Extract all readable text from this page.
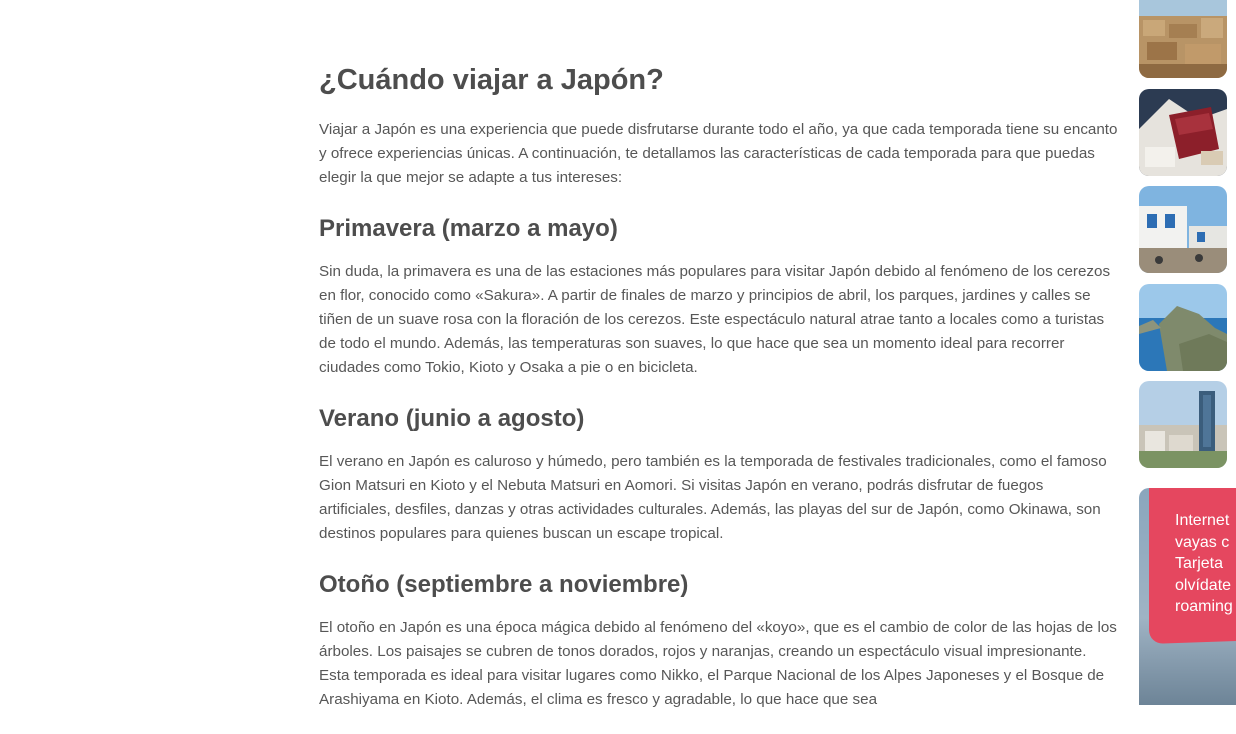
¿Cuándo viajar a Japón?

Viajar a Japón es una experiencia que puede disfrutarse durante todo el año, ya que cada temporada tiene su encanto y ofrece experiencias únicas. A continuación, te detallamos las características de cada temporada para que puedas elegir la que mejor se adapte a tus intereses:

Primavera (marzo a mayo)

Sin duda, la primavera es una de las estaciones más populares para visitar Japón debido al fenómeno de los cerezos en flor, conocido como «Sakura». A partir de finales de marzo y principios de abril, los parques, jardines y calles se tiñen de un suave rosa con la floración de los cerezos. Este espectáculo natural atrae tanto a locales como a turistas de todo el mundo. Además, las temperaturas son suaves, lo que hace que sea un momento ideal para recorrer ciudades como Tokio, Kioto y Osaka a pie o en bicicleta.

Verano (junio a agosto)

El verano en Japón es caluroso y húmedo, pero también es la temporada de festivales tradicionales, como el famoso Gion Matsuri en Kioto y el Nebuta Matsuri en Aomori. Si visitas Japón en verano, podrás disfrutar de fuegos artificiales, desfiles, danzas y otras actividades culturales. Además, las playas del sur de Japón, como Okinawa, son destinos populares para quienes buscan un escape tropical.

Otoño (septiembre a noviembre)

El otoño en Japón es una época mágica debido al fenómeno del «koyo», que es el cambio de color de las hojas de los árboles. Los paisajes se cubren de tonos dorados, rojos y naranjas, creando un espectáculo visual impresionante. Esta temporada es ideal para visitar lugares como Nikko, el Parque Nacional de los Alpes Japoneses y el Bosque de Arashiyama en Kioto. Además, el clima es fresco y agradable, lo que hace que sea

Internet
vayas c
Tarjeta
olvídate
roaming
